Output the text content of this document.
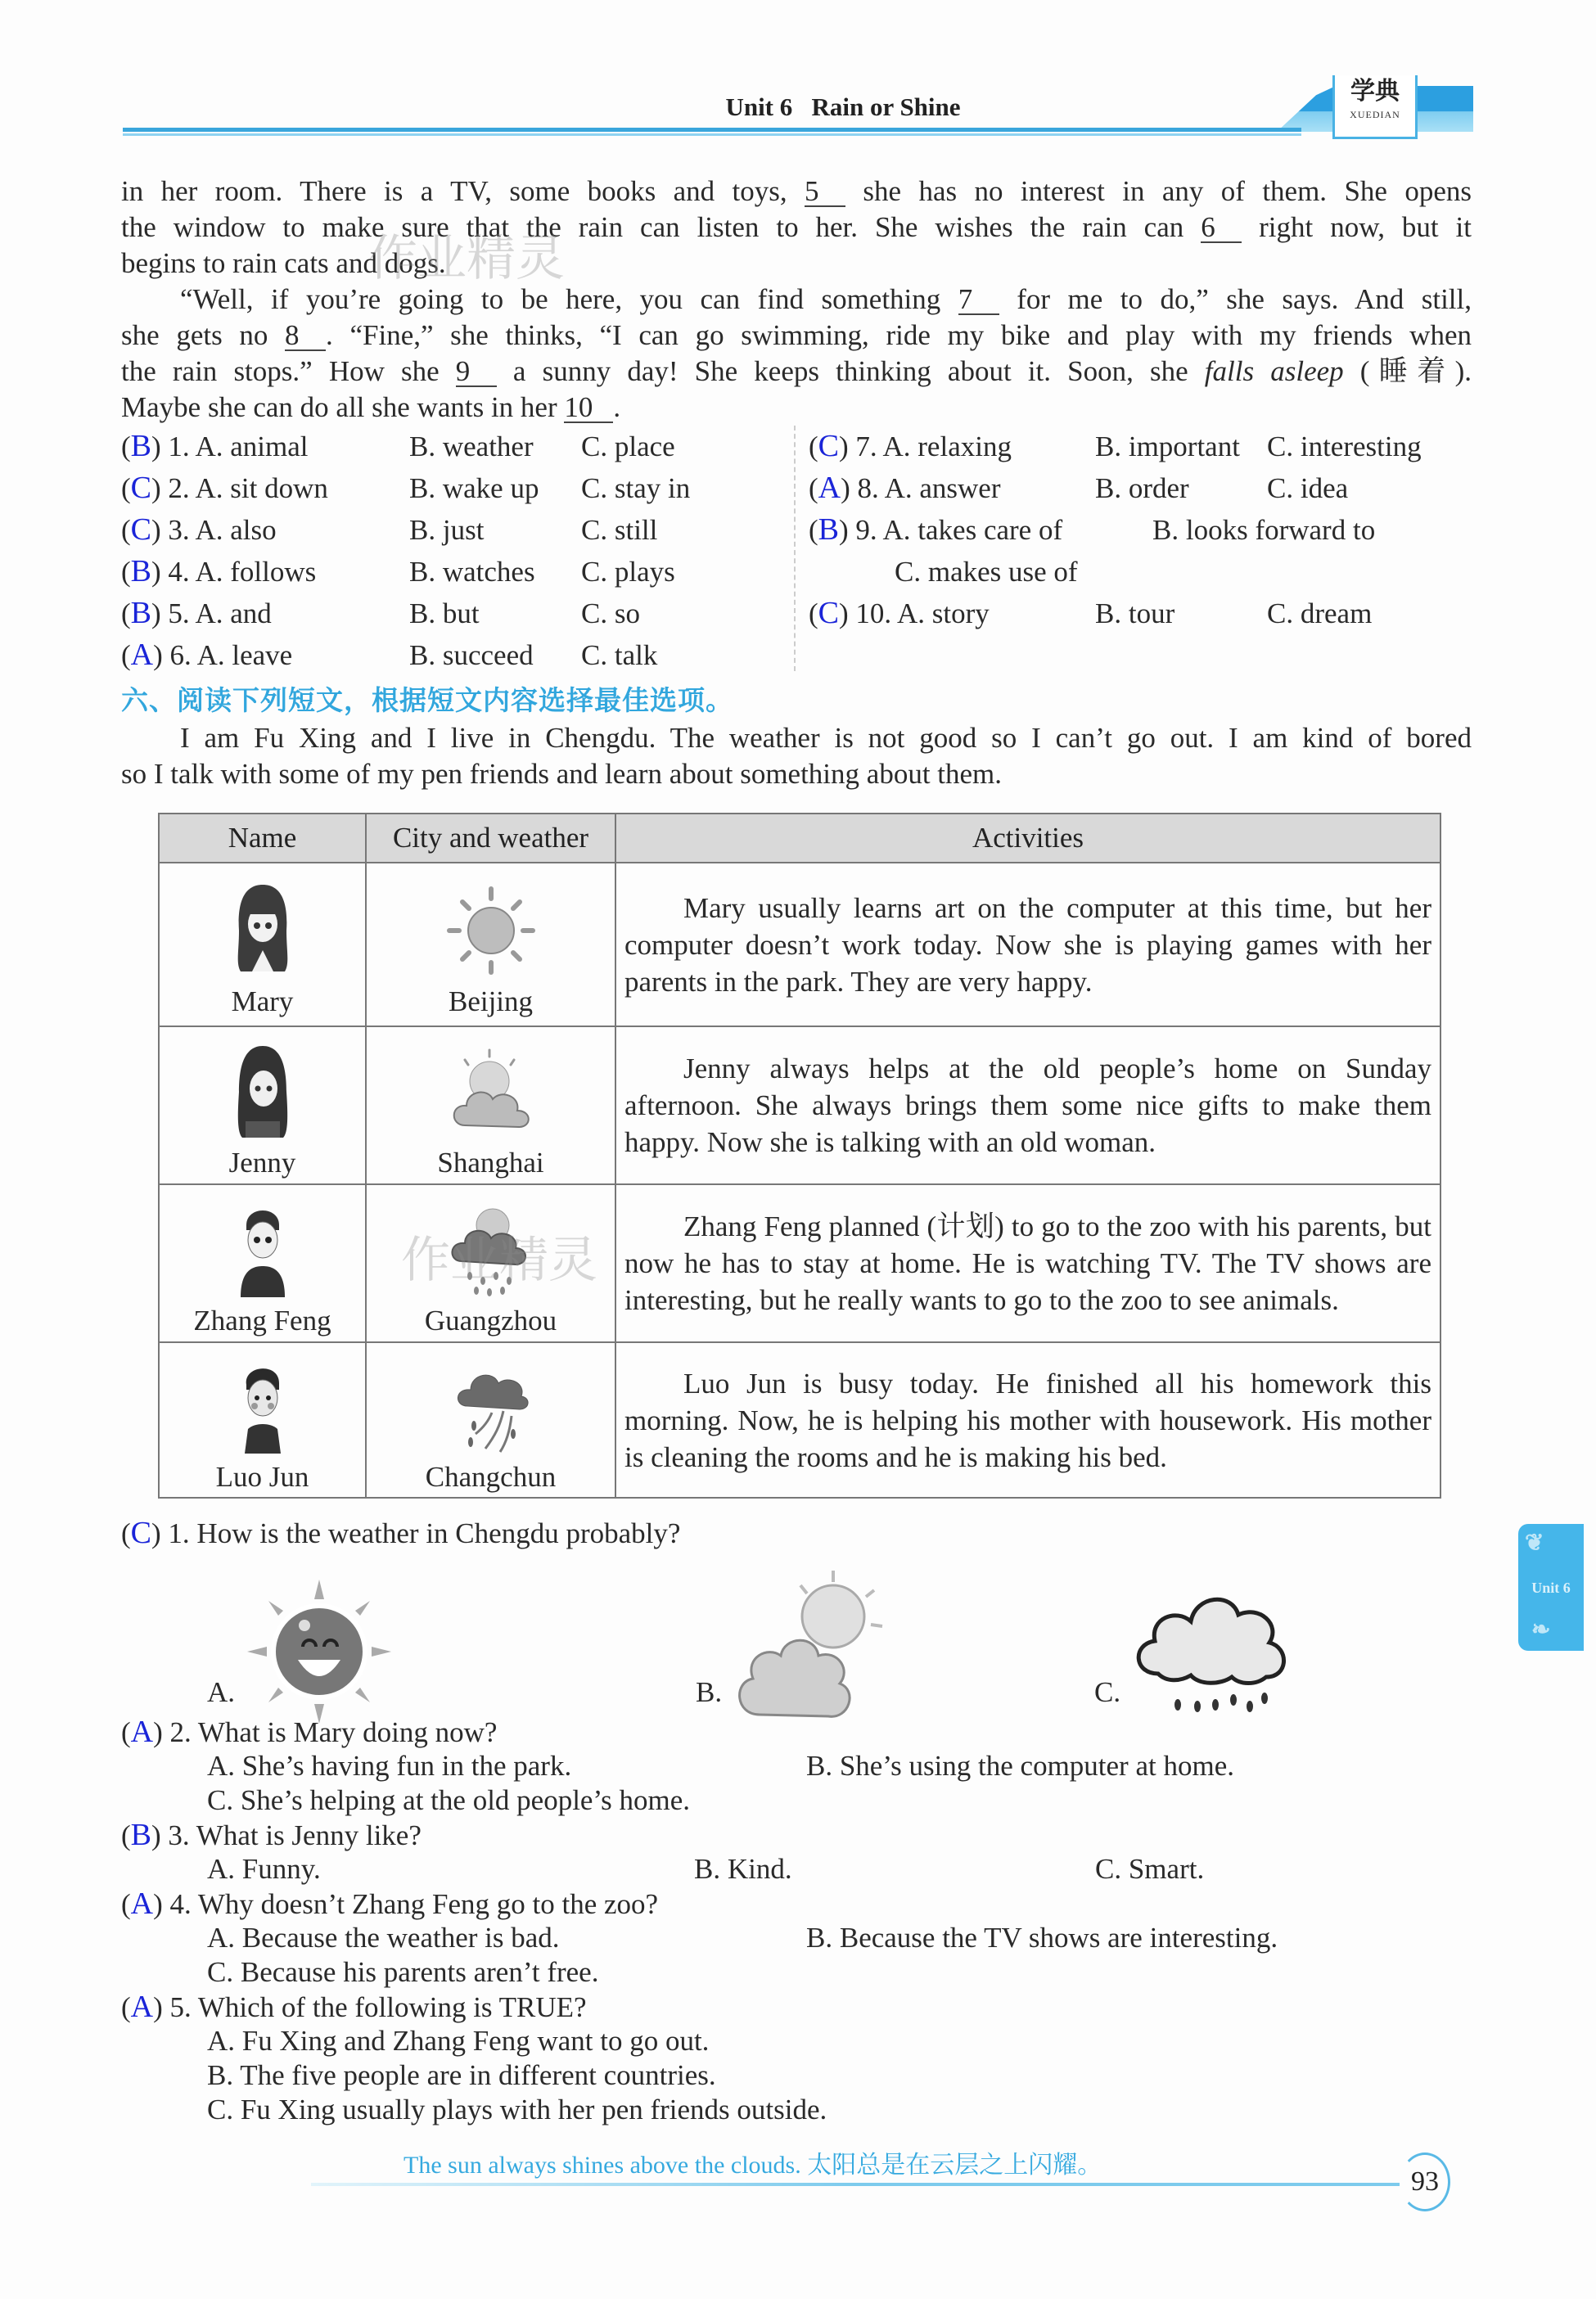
Unit 6   Rain or Shine
学典
XUEDIAN

in her room. There is a TV, some books and toys, 5 she has no interest in any of them. She opens

the window to make sure that the rain can listen to her. She wishes the rain can 6 right now, but it

begins to rain cats and dogs.

“Well, if you’re going to be here, you can find something 7 for me to do,” she says. And still,

she gets no 8 . “Fine,” she thinks, “I can go swimming, ride my bike and play with my friends when

the rain stops.” How she 9 a sunny day! She keeps thinking about it. Soon, she falls asleep (睡着).

Maybe she can do all she wants in her 10 .

作业精灵
(B) 1. A. animal	B. weather C. place
(C) 2. A. sit down	B. wake up C. stay in
(C) 3. A. also	B. just	C. still
(B) 4. A. follows	B. watches C. plays
(B) 5. A. and	B. but	C. so
(A) 6. A. leave	B. succeed C. talk
(C) 7. A. relaxing	B. important C. interesting
(A) 8. A. answer	B. order	C. idea
(B) 9. A. takes care of	B. looks forward to
C. makes use of
(C) 10. A. story	B. tour	C. dream
六、阅读下列短文，根据短文内容选择最佳选项。

I am Fu Xing and I live in Chengdu. The weather is not good so I can’t go out. I am kind of bored

so I talk with some of my pen friends and learn about something about them.

Name	City and weather	Activities

Mary	Beijing	Mary usually learns art on the computer at this time, but her computer doesn’t work today. Now she is playing games with her parents in the park. They are very happy.

Jenny	Shanghai	Jenny always helps at the old people’s home on Sunday afternoon. She always brings them some nice gifts to make them happy. Now she is talking with an old woman.

Zhang Feng	Guangzhou	Zhang Feng planned (计划) to go to the zoo with his parents, but now he has to stay at home. He is watching TV. The TV shows are interesting, but he really wants to go to the zoo to see animals.

Luo Jun	Changchun	Luo Jun is busy today. He finished all his homework this morning. Now, he is helping his mother with housework. His mother is cleaning the rooms and he is making his bed.
作业精灵
(C) 1. How is the weather in Chengdu probably?
A.	B.	C.
(A) 2. What is Mary doing now?
A. She’s having fun in the park.	B. She’s using the computer at home.
C. She’s helping at the old people’s home.
(B) 3. What is Jenny like?
A. Funny.	B. Kind.	C. Smart.
(A) 4. Why doesn’t Zhang Feng go to the zoo?
A. Because the weather is bad.	B. Because the TV shows are interesting.
C. Because his parents aren’t free.
(A) 5. Which of the following is TRUE?
A. Fu Xing and Zhang Feng want to go out.
B. The five people are in different countries.
C. Fu Xing usually plays with her pen friends outside.
❦
Unit 6
❧
The sun always shines above the clouds. 太阳总是在云层之上闪耀。
93
